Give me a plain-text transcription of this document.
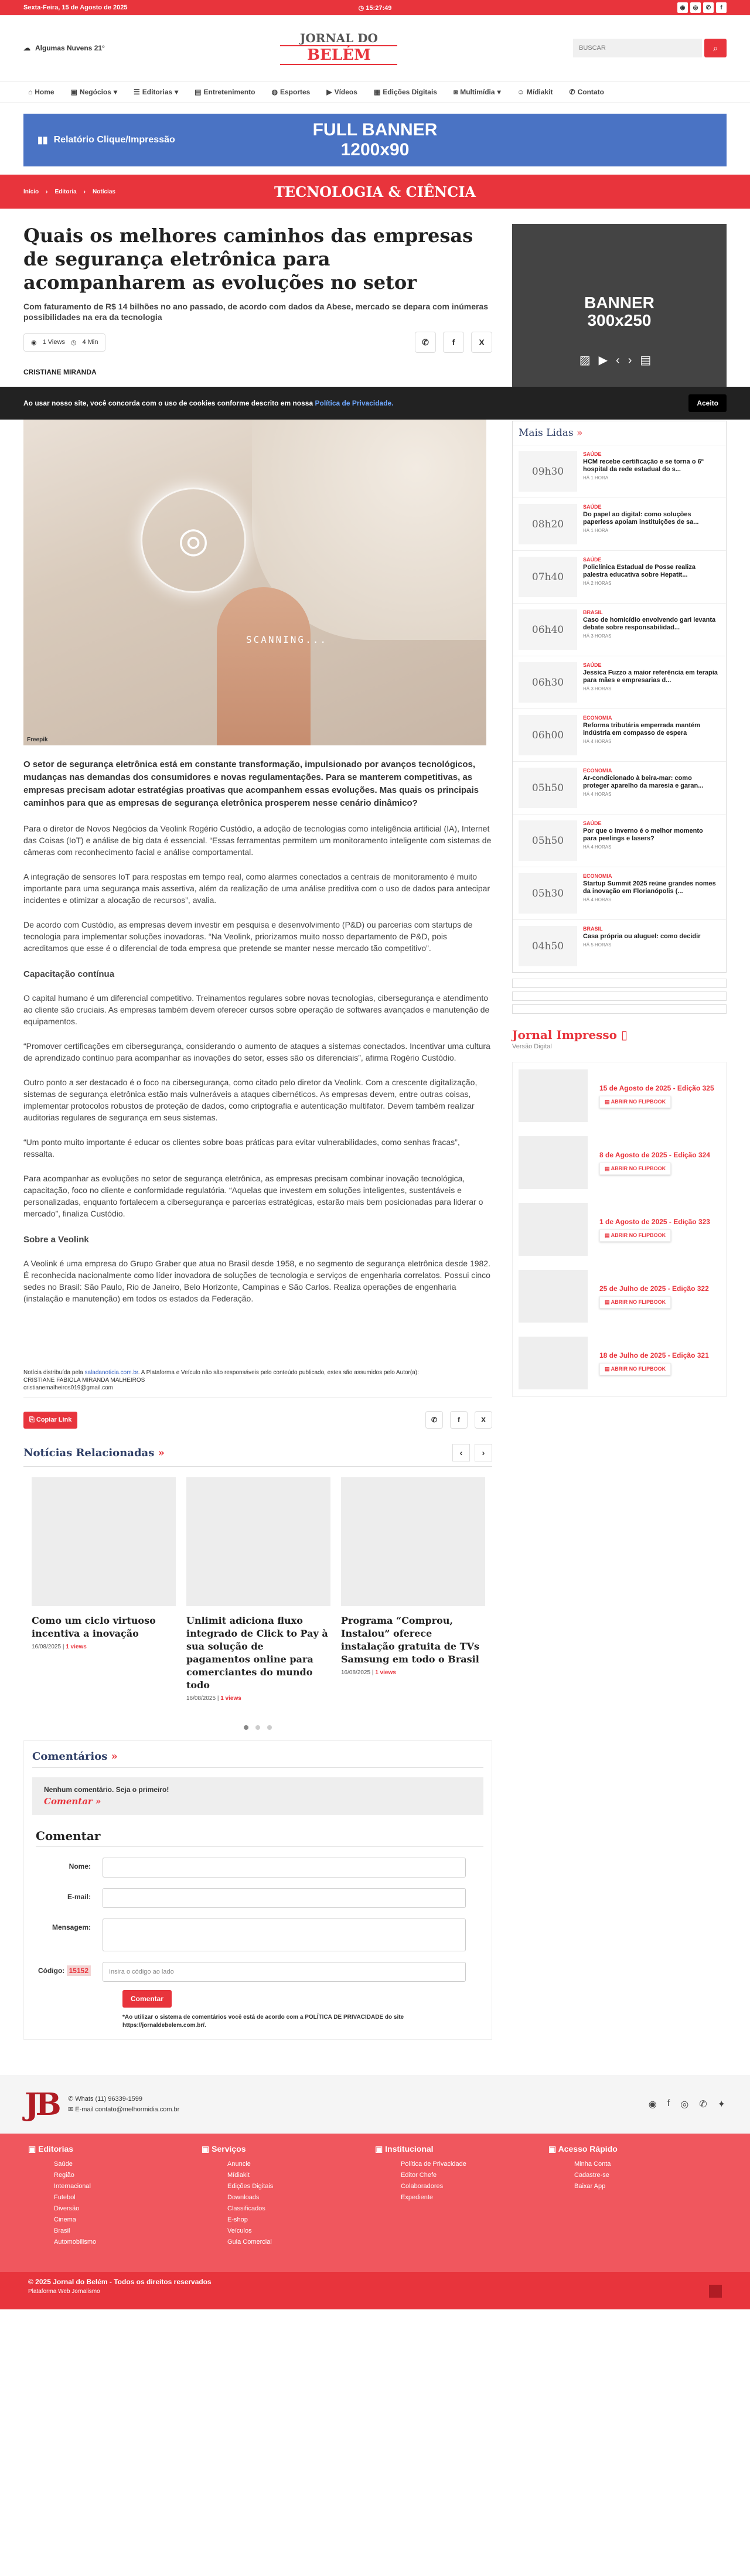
Sexta-Feira, 15 de Agosto de 2025	◷ 15:27:49	◉	◎	✆	f
☁ Algumas Nuvens 21°
JORNAL DO
BELÉM
BUSCAR	⌕
⌂ Home ▣ Negócios ▾ ☰ Editorias ▾ ▤ Entretenimento ◍ Esportes ▶ Vídeos ▦ Edições Digitais ◙ Multimídia ▾ ☺ Mídiakit ✆ Contato
▮▮ Relatório Clique/Impressão
FULL BANNER
1200x90
Início › Editoria › Notícias	TECNOLOGIA & CIÊNCIA
Ao usar nosso site, você concorda com o uso de cookies conforme descrito em nossa Política de Privacidade.	Aceito
Quais os melhores caminhos das empresas de segurança eletrônica para acompanharem as evoluções no setor
Com faturamento de R$ 14 bilhões no ano passado, de acordo com dados da Abese, mercado se depara com inúmeras possibilidades na era da tecnologia
◉ 1 Views ◷ 4 Min	✆	f	X
CRISTIANE MIRANDA
◎
SCANNING...
Freepik
O setor de segurança eletrônica está em constante transformação, impulsionado por avanços tecnológicos, mudanças nas demandas dos consumidores e novas regulamentações. Para se manterem competitivas, as empresas precisam adotar estratégias proativas que acompanhem essas evoluções. Mas quais os principais caminhos para que as empresas de segurança eletrônica prosperem nesse cenário dinâmico?

Para o diretor de Novos Negócios da Veolink Rogério Custódio, a adoção de tecnologias como inteligência artificial (IA), Internet das Coisas (IoT) e análise de big data é essencial. “Essas ferramentas permitem um monitoramento inteligente com sistemas de câmeras com reconhecimento facial e análise comportamental.

A integração de sensores IoT para respostas em tempo real, como alarmes conectados a centrais de monitoramento é muito importante para uma segurança mais assertiva, além da realização de uma análise preditiva com o uso de dados para antecipar incidentes e otimizar a alocação de recursos”, avalia.

De acordo com Custódio, as empresas devem investir em pesquisa e desenvolvimento (P&D) ou parcerias com startups de tecnologia para implementar soluções inovadoras. “Na Veolink, priorizamos muito nosso departamento de P&D, pois acreditamos que esse é o diferencial de toda empresa que pretende se manter nesse mercado tão competitivo”.

Capacitação contínua

O capital humano é um diferencial competitivo. Treinamentos regulares sobre novas tecnologias, cibersegurança e atendimento ao cliente são cruciais. As empresas também devem oferecer cursos sobre operação de softwares avançados e manutenção de equipamentos.

“Promover certificações em cibersegurança, considerando o aumento de ataques a sistemas conectados. Incentivar uma cultura de aprendizado contínuo para acompanhar as inovações do setor, esses são os diferenciais”, afirma Rogério Custódio.

Outro ponto a ser destacado é o foco na cibersegurança, como citado pelo diretor da Veolink. Com a crescente digitalização, sistemas de segurança eletrônica estão mais vulneráveis a ataques cibernéticos. As empresas devem, entre outras coisas, implementar protocolos robustos de proteção de dados, como criptografia e autenticação multifator. Devem também realizar auditorias regulares de segurança em seus sistemas.

“Um ponto muito importante é educar os clientes sobre boas práticas para evitar vulnerabilidades, como senhas fracas”, ressalta.

Para acompanhar as evoluções no setor de segurança eletrônica, as empresas precisam combinar inovação tecnológica, capacitação, foco no cliente e conformidade regulatória. “Aquelas que investem em soluções inteligentes, sustentáveis e personalizadas, enquanto fortalecem a cibersegurança e parcerias estratégicas, estarão mais bem posicionadas para liderar o mercado”, finaliza Custódio.

Sobre a Veolink

A Veolink é uma empresa do Grupo Graber que atua no Brasil desde 1958, e no segmento de segurança eletrônica desde 1982. É reconhecida nacionalmente como líder inovadora de soluções de tecnologia e serviços de engenharia correlatos. Possui cinco sedes no Brasil: São Paulo, Rio de Janeiro, Belo Horizonte, Campinas e São Carlos. Realiza operações de engenharia (instalação e manutenção) em todos os estados da Federação.

Notícia distribuída pela saladanoticia.com.br. A Plataforma e Veículo não são responsáveis pelo conteúdo publicado, estes são assumidos pelo Autor(a):
CRISTIANE FABIOLA MIRANDA MALHEIROS
cristianemalheiros019@gmail.com
⎘ Copiar Link	✆	f	X
Notícias Relacionadas »	‹	›
Como um ciclo virtuoso incentiva a inovação
16/08/2025 | 1 views
Unlimit adiciona fluxo integrado de Click to Pay à sua solução de pagamentos online para comerciantes do mundo todo
16/08/2025 | 1 views
Programa “Comprou, Instalou” oferece instalação gratuita de TVs Samsung em todo o Brasil
16/08/2025 | 1 views
Comentários »
Nenhum comentário. Seja o primeiro!
Comentar »
Comentar
Nome:
E-mail:
Mensagem:
Código: 15152	Insira o código ao lado
Comentar
*Ao utilizar o sistema de comentários você está de acordo com a POLÍTICA DE PRIVACIDADE do site https://jornaldebelem.com.br/.
BANNER
300x250
▨▶‹›▤
Mais Lidas »
09h30
SAÚDE
HCM recebe certificação e se torna o 6º hospital da rede estadual do s...
HÁ 1 HORA
08h20
SAÚDE
Do papel ao digital: como soluções paperless apoiam instituições de sa...
HÁ 1 HORA
07h40
SAÚDE
Policlínica Estadual de Posse realiza palestra educativa sobre Hepatit...
HÁ 2 HORAS
06h40
BRASIL
Caso de homicídio envolvendo gari levanta debate sobre responsabilidad...
HÁ 3 HORAS
06h30
SAÚDE
Jessica Fuzzo a maior referência em terapia para mães e empresarias d...
HÁ 3 HORAS
06h00
ECONOMIA
Reforma tributária emperrada mantém indústria em compasso de espera
HÁ 4 HORAS
05h50
ECONOMIA
Ar-condicionado à beira-mar: como proteger aparelho da maresia e garan...
HÁ 4 HORAS
05h50
SAÚDE
Por que o inverno é o melhor momento para peelings e lasers?
HÁ 4 HORAS
05h30
ECONOMIA
Startup Summit 2025 reúne grandes nomes da inovação em Florianópolis (...
HÁ 4 HORAS
04h50
BRASIL
Casa própria ou aluguel: como decidir
HÁ 5 HORAS
Jornal Impresso ▯
Versão Digital
15 de Agosto de 2025 - Edição 325
▤ ABRIR NO FLIPBOOK
8 de Agosto de 2025 - Edição 324
▤ ABRIR NO FLIPBOOK
1 de Agosto de 2025 - Edição 323
▤ ABRIR NO FLIPBOOK
25 de Julho de 2025 - Edição 322
▤ ABRIR NO FLIPBOOK
18 de Julho de 2025 - Edição 321
▤ ABRIR NO FLIPBOOK
JB ✆ Whats (11) 96339-1599
✉ E-mail contato@melhormidia.com.br	◉ f ◎ ✆ ✦
▣ Editorias
Saúde
Região
Internacional
Futebol
Diversão
Cinema
Brasil
Automobilismo
▣ Serviços
Anuncie
Mídiakit
Edições Digitais
Downloads
Classificados
E-shop
Veículos
Guia Comercial
▣ Institucional
Política de Privacidade
Editor Chefe
Colaboradores
Expediente
▣ Acesso Rápido
Minha Conta
Cadastre-se
Baixar App
© 2025 Jornal do Belém - Todos os direitos reservados
Plataforma Web Jornalismo
